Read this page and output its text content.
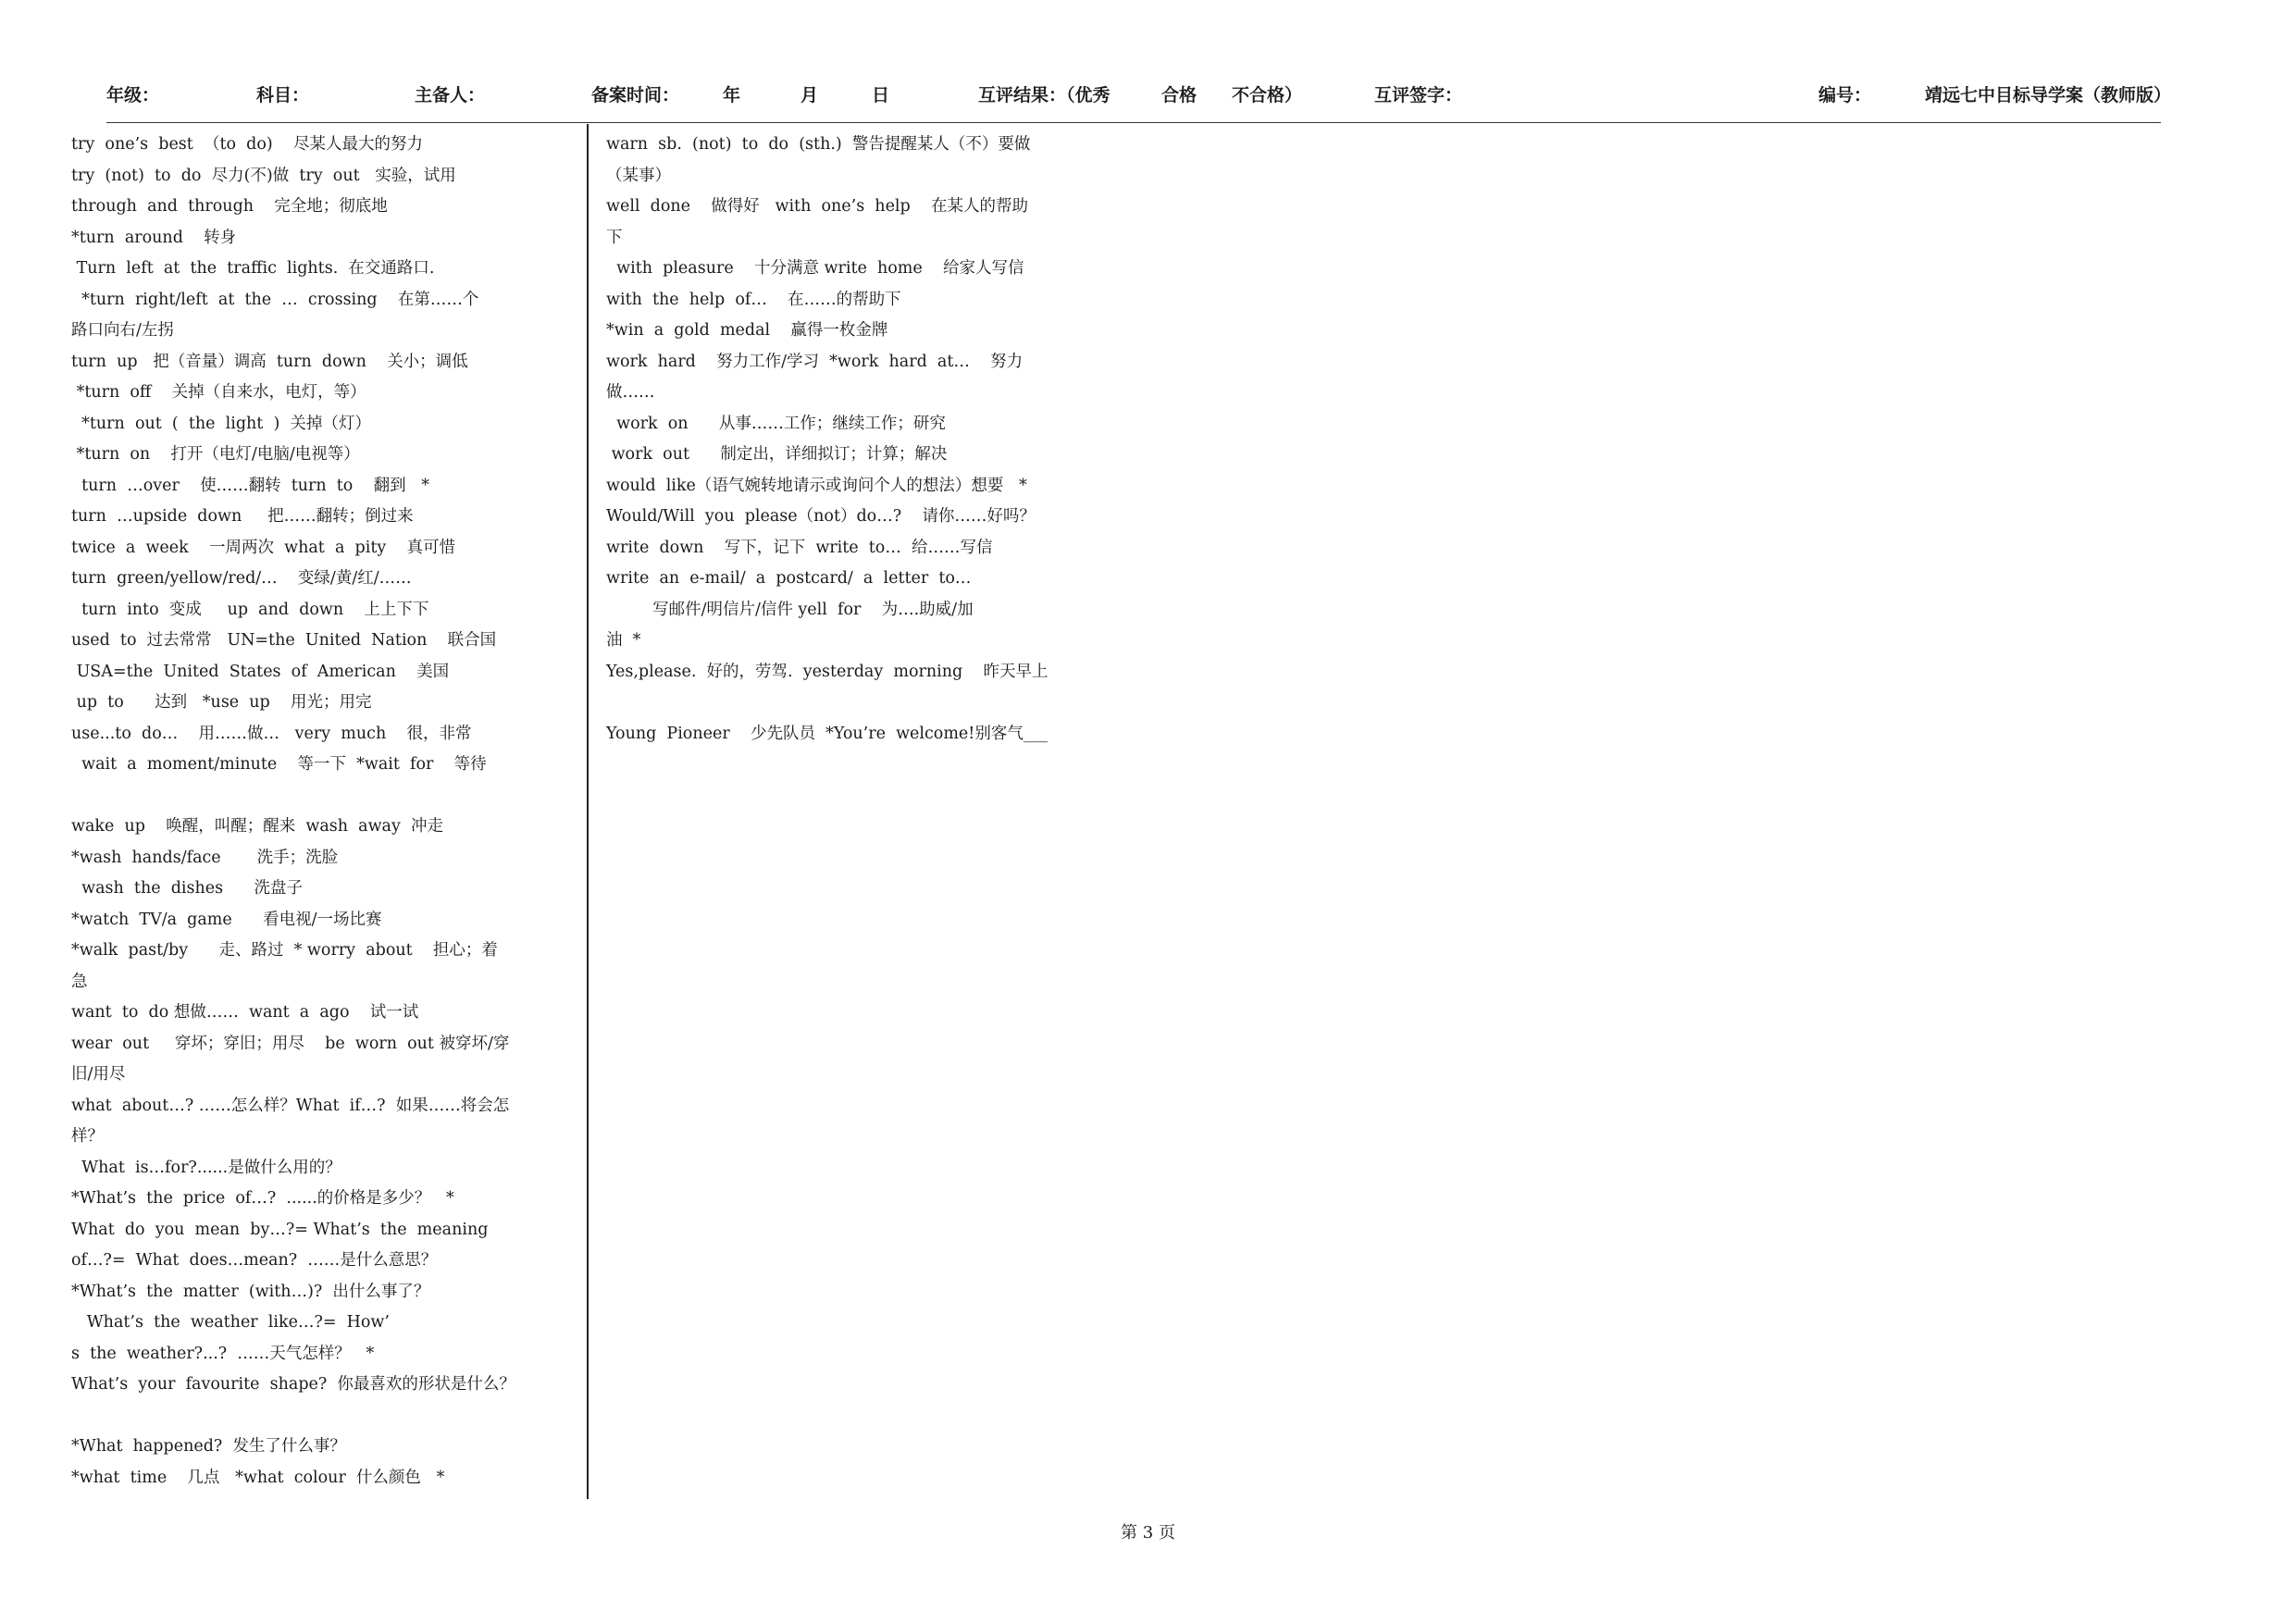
年级：	科目：	主备人：	备案时间： 年	月	日	互评结果：（优秀	合格 不合格）	互评签字：	编号：	靖远七中目标导学案（教师版）
try  one’s  best  （to  do)    尽某人最大的努力
try  (not)  to  do  尽力(不)做  try  out   实验，试用
through  and  through    完全地；彻底地
*turn  around    转身
Turn  left  at  the  traffic  lights.  在交通路口.
*turn  right/left  at  the  …  crossing    在第……个
路口向右/左拐
turn  up   把（音量）调高  turn  down    关小；调低
*turn  off    关掉（自来水，电灯，等）
*turn  out  (  the  light  )  关掉（灯）
*turn  on    打开（电灯/电脑/电视等）
turn  …over    使……翻转  turn  to    翻到   *
turn  …upside  down     把……翻转；倒过来
twice  a  week    一周两次  what  a  pity    真可惜
turn  green/yellow/red/…    变绿/黄/红/……
turn  into  变成     up  and  down    上上下下
used  to  过去常常   UN=the  United  Nation    联合国
USA=the  United  States  of  American    美国
up  to      达到   *use  up    用光；用完
use...to  do…    用……做…   very  much    很，非常
wait  a  moment/minute    等一下  *wait  for    等待
wake  up    唤醒，叫醒；醒来  wash  away  冲走
*wash  hands/face       洗手；洗脸
wash  the  dishes      洗盘子
*watch  TV/a  game      看电视/一场比赛
*walk  past/by      走、路过  * worry  about    担心；着
急
want  to  do 想做……  want  a  ago    试一试
wear  out     穿坏；穿旧；用尽    be  worn  out 被穿坏/穿
旧/用尽
what  about…? ……怎么样？What  if…?  如果……将会怎
样？
What  is…for?......是做什么用的？
*What’s  the  price  of…?  ......的价格是多少？   *
What  do  you  mean  by…?= What’s  the  meaning
of…?=  What  does…mean?  ……是什么意思？
*What’s  the  matter  (with…)?  出什么事了？
What’s  the  weather  like…?=  How’
s  the  weather?...?  ……天气怎样？   *
What’s  your  favourite  shape?  你最喜欢的形状是什么？
*What  happened?  发生了什么事？
*what  time    几点   *what  colour  什么颜色   *
warn  sb.  (not)  to  do  (sth.)  警告提醒某人（不）要做
（某事）
well  done    做得好   with  one’s  help    在某人的帮助
下
with  pleasure    十分满意 write  home    给家人写信
with  the  help  of…    在……的帮助下
*win  a  gold  medal    赢得一枚金牌
work  hard    努力工作/学习  *work  hard  at…    努力
做……
work  on      从事……工作；继续工作；研究
work  out      制定出，详细拟订；计算；解决
would  like（语气婉转地请示或询问个人的想法）想要   *
Would/Will  you  please（not）do…?    请你……好吗？
write  down    写下，记下  write  to…  给……写信
write  an  e-mail/  a  postcard/  a  letter  to…
写邮件/明信片/信件 yell  for    为….助威/加
油  *
Yes,please.  好的，劳驾.  yesterday  morning    昨天早上
Young  Pioneer    少先队员  *You’re  welcome!别客气___
第 3 页
